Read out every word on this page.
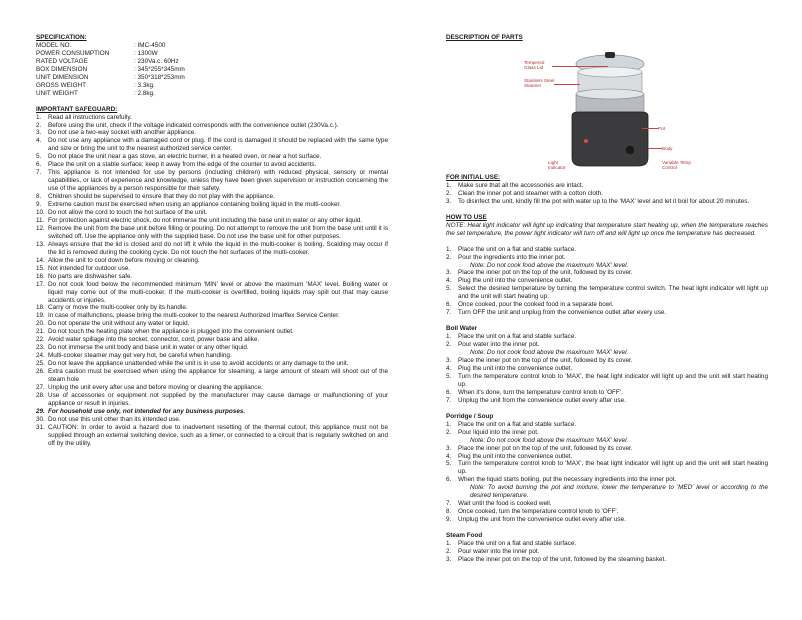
SPECIFICATION:

MODEL NO.	: IMC-4500
POWER CONSUMPTION	: 1300W
RATED VOLTAGE	: 230Va.c. 60Hz
BOX DIMENSION	: 345*255*345mm
UNIT DIMENSION	: 350*318*253mm
GROSS WEIGHT	: 3.3kg.
UNIT WEIGHT	: 2.8kg.

IMPORTANT SAFEGUARD:

1.	Read all instructions carefully.
2.	Before using the unit, check if the voltage indicated corresponds with the convenience outlet (230Va.c.).
3.	Do not use a two-way socket with another appliance.
4.	Do not use any appliance with a damaged cord or plug. If the cord is damaged it should be replaced with the same type and size or bring the unit to the nearest authorized service center.
5.	Do not place the unit near a gas stove, an electric burner, in a heated oven, or near a hot surface.
6.	Place the unit on a stable surface; keep it away from the edge of the counter to avoid accidents.
7.	This appliance is not intended for use by persons (including children) with reduced physical, sensory or mental capabilities, or lack of experience and knowledge, unless they have been given supervision or instruction concerning the use of the appliances by a person responsible for their safety.
8.	Children should be supervised to ensure that they do not play with the appliance.
9.	Extreme caution must be exercised when using an appliance containing boiling liquid in the multi-cooker.
10. Do not allow the cord to touch the hot surface of the unit.
11. For protection against electric shock, do not immerse the unit including the base unit in water or any other liquid.
12. Remove the unit from the base unit before filling or pouring. Do not attempt to remove the unit from the base unit until it is switched off. Use the appliance only with the supplied base. Do not use the base unit for other purposes.
13. Always ensure that the lid is closed and do not lift it while the liquid in the multi-cooker is boiling. Scalding may occur if the lid is removed during the cooking cycle. Do not touch the hot surfaces of the multi-cooker.
14. Allow the unit to cool down before moving or cleaning.
15. Not intended for outdoor use.
16. No parts are dishwasher safe.
17. Do not cook food below the recommended minimum 'MIN' level or above the maximum 'MAX' level. Boiling water or liquid may come out of the multi-cooker. If the multi-cooker is overfilled, boiling liquids may spill out that may cause accidents or injuries.
18. Carry or move the multi-cooker only by its handle.
19. In case of malfunctions, please bring the multi-cooker to the nearest Authorized Imarflex Service Center.
20. Do not operate the unit without any water or liquid.
21. Do not touch the heating plate when the appliance is plugged into the convenient outlet.
22. Avoid water spillage into the socket, connector, cord, power base and alike.
23. Do not immerse the unit body and base unit in water or any other liquid.
24. Multi-cooker steamer may get very hot, be careful when handling.
25. Do not leave the appliance unattended while the unit is in use to avoid accidents or any damage to the unit.
26. Extra caution must be exercised when using the appliance for steaming, a large amount of steam will shoot out of the steam hole
27. Unplug the unit every after use and before moving or cleaning the appliance.
28. Use of accessories or equipment not supplied by the manufacturer may cause damage or malfunctioning of your appliance or result in injuries.
29. For household use only, not intended for any business purposes.
30. Do not use this unit other than its intended use.
31. CAUTION: In order to avoid a hazard due to inadvertent resetting of the thermal cutout, this appliance must not be supplied through an external switching device, such as a timer, or connected to a circuit that is regularly switched on and off by the utility.

DESCRIPTION OF PARTS

Tempered Glass Lid
Stainless Steel Steamer
Pot
Body
Light Indicator
Variable Temp Control

FOR INITIAL USE:

1.	Make sure that all the accessories are intact.
2.	Clean the inner pot and steamer with a cotton cloth.
3.	To disinfect the unit, kindly fill the pot with water up to the 'MAX' level and let it boil for about 20 minutes.

HOW TO USE

NOTE: Heat light indicator will light up indicating that temperature start heating up, when the temperature reaches the set temperature, the power light indicator will turn off and will light up once the temperature has decreased.

1.	Place the unit on a flat and stable surface.
2.	Pour the ingredients into the inner pot.
Note: Do not cook food above the maximum 'MAX' level.
3.	Place the inner pot on the top of the unit, followed by its cover.
4.	Plug the unit into the convenience outlet.
5.	Select the desired temperature by turning the temperature control switch. The heat light indicator will light up and the unit will start heating up.
6.	Once cooked, pour the cooked food in a separate bowl.
7.	Turn OFF the unit and unplug from the convenience outlet after every use.

Boil Water

1.	Place the unit on a flat and stable surface.
2.	Pour water into the inner pot.
Note: Do not cook food above the maximum 'MAX' level.
3.	Place the inner pot on the top of the unit, followed by its cover.
4.	Plug the unit into the convenience outlet.
5.	Turn the temperature control knob to 'MAX', the heat light indicator will light up and the unit will start heating up.
6.	When it's done, turn the temperature control knob to 'OFF'.
7.	Unplug the unit from the convenience outlet every after use.

Porridge / Soup

1.	Place the unit on a flat and stable surface.
2.	Pour liquid into the inner pot.
Note: Do not cook food above the maximum 'MAX' level.
3.	Place the inner pot on the top of the unit, followed by its cover.
4.	Plug the unit into the convenience outlet.
5.	Turn the temperature control knob to 'MAX', the heat light indicator will light up and the unit will start heating up.
6.	When the liquid starts boiling, put the necessary ingredients into the inner pot.
Note: To avoid burning the pot and mixture, lower the temperature to 'MED' level or according to the desired temperature.
7.	Wait until the food is cooked well.
8.	Once cooked, turn the temperature control knob to 'OFF'.
9.	Unplug the unit from the convenience outlet every after use.

Steam Food

1.	Place the unit on a flat and stable surface.
2.	Pour water into the inner pot.
3.	Place the inner pot on the top of the unit, followed by the steaming basket.
